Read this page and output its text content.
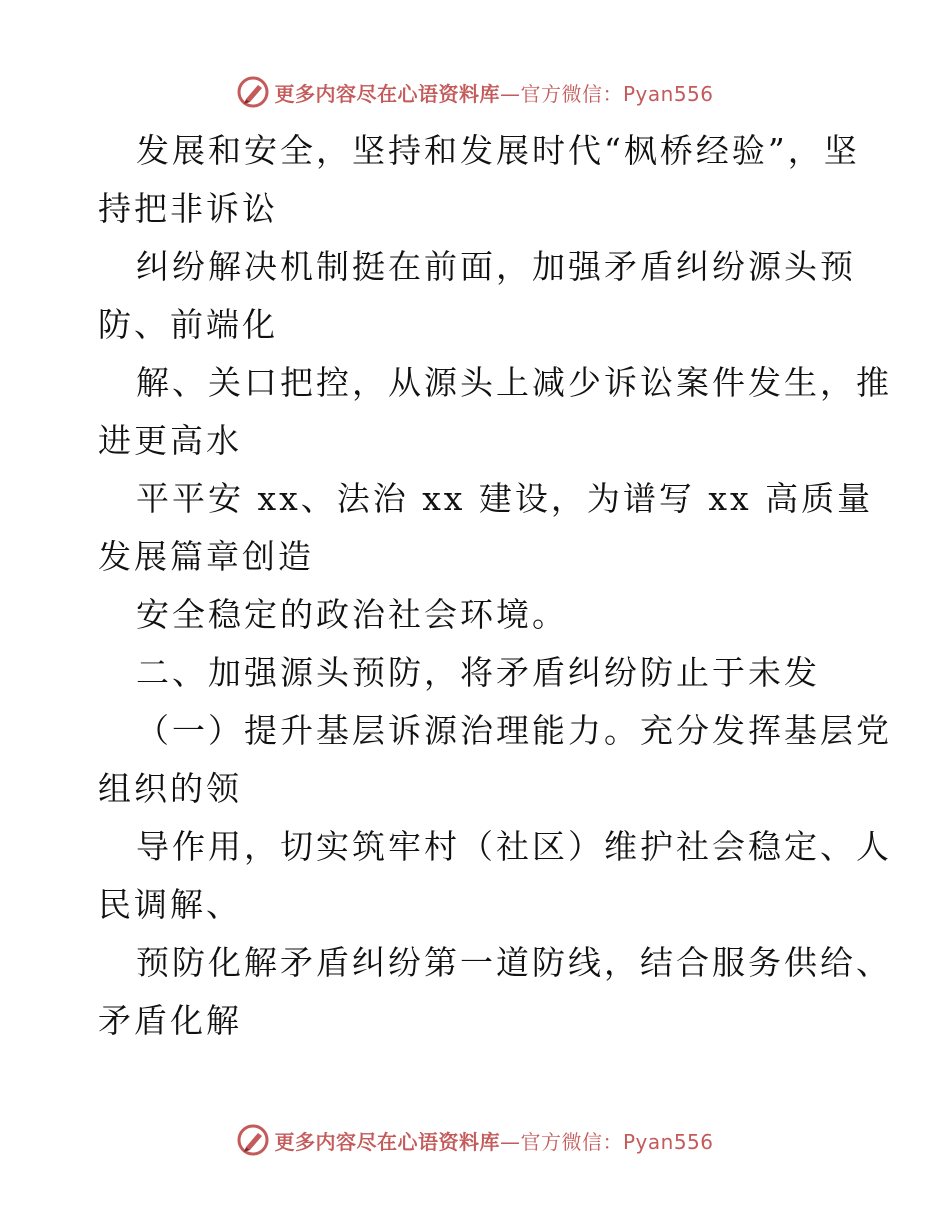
更多内容尽在心语资料库—官方微信：Pyan556
发展和安全，坚持和发展时代“枫桥经验”，坚
持把非诉讼
纠纷解决机制挺在前面，加强矛盾纠纷源头预
防、前端化
解、关口把控，从源头上减少诉讼案件发生，推
进更高水
平平安 xx、法治 xx 建设，为谱写 xx 高质量
发展篇章创造
安全稳定的政治社会环境。
二、加强源头预防，将矛盾纠纷防止于未发
（一）提升基层诉源治理能力。充分发挥基层党
组织的领
导作用，切实筑牢村（社区）维护社会稳定、人
民调解、
预防化解矛盾纠纷第一道防线，结合服务供给、
矛盾化解
更多内容尽在心语资料库—官方微信：Pyan556
